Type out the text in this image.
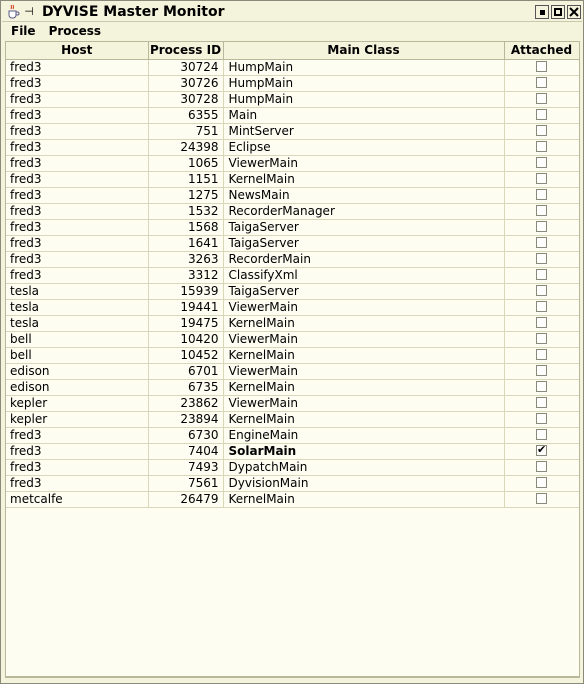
⊣ DYVISE Master Monitor
File	Process
Host	Process ID	Main Class	Attached
fred3	30724	HumpMain	
fred3	30726	HumpMain	
fred3	30728	HumpMain	
fred3	6355	Main	
fred3	751	MintServer	
fred3	24398	Eclipse	
fred3	1065	ViewerMain	
fred3	1151	KernelMain	
fred3	1275	NewsMain	
fred3	1532	RecorderManager	
fred3	1568	TaigaServer	
fred3	1641	TaigaServer	
fred3	3263	RecorderMain	
fred3	3312	ClassifyXml	
tesla	15939	TaigaServer	
tesla	19441	ViewerMain	
tesla	19475	KernelMain	
bell	10420	ViewerMain	
bell	10452	KernelMain	
edison	6701	ViewerMain	
edison	6735	KernelMain	
kepler	23862	ViewerMain	
kepler	23894	KernelMain	
fred3	6730	EngineMain	
fred3	7404	SolarMain	✔
fred3	7493	DypatchMain	
fred3	7561	DyvisionMain	
metcalfe	26479	KernelMain	
